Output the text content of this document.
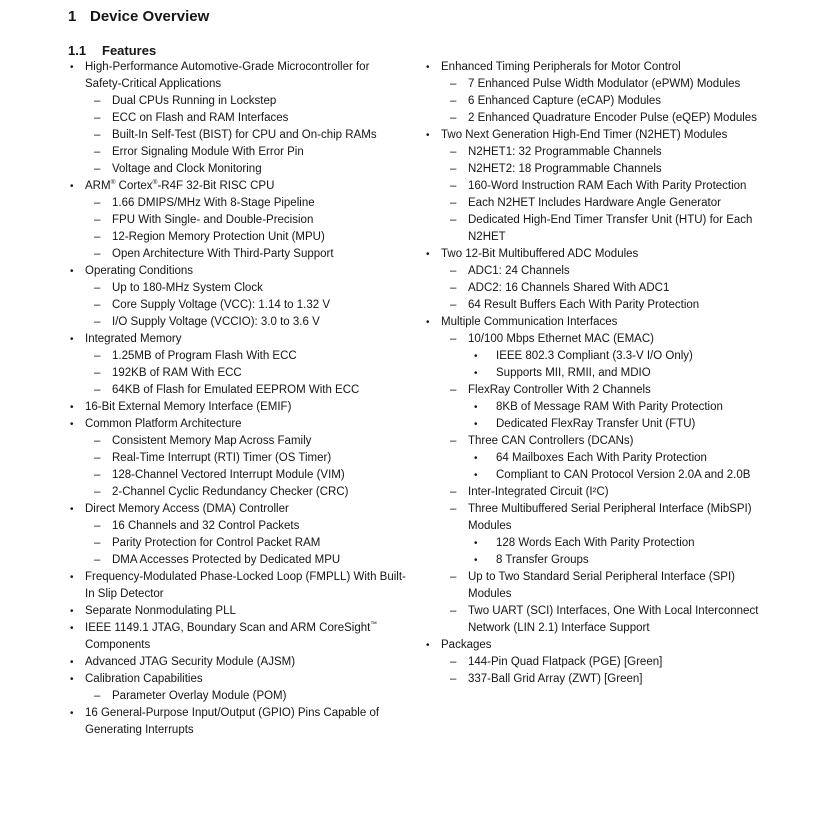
1 Device Overview
1.1 Features
• High-Performance Automotive-Grade Microcontroller for Safety-Critical Applications
– Dual CPUs Running in Lockstep
– ECC on Flash and RAM Interfaces
– Built-In Self-Test (BIST) for CPU and On-chip RAMs
– Error Signaling Module With Error Pin
– Voltage and Clock Monitoring
• ARM® Cortex®-R4F 32-Bit RISC CPU
– 1.66 DMIPS/MHz With 8-Stage Pipeline
– FPU With Single- and Double-Precision
– 12-Region Memory Protection Unit (MPU)
– Open Architecture With Third-Party Support
• Operating Conditions
– Up to 180-MHz System Clock
– Core Supply Voltage (VCC): 1.14 to 1.32 V
– I/O Supply Voltage (VCCIO): 3.0 to 3.6 V
• Integrated Memory
– 1.25MB of Program Flash With ECC
– 192KB of RAM With ECC
– 64KB of Flash for Emulated EEPROM With ECC
• 16-Bit External Memory Interface (EMIF)
• Common Platform Architecture
– Consistent Memory Map Across Family
– Real-Time Interrupt (RTI) Timer (OS Timer)
– 128-Channel Vectored Interrupt Module (VIM)
– 2-Channel Cyclic Redundancy Checker (CRC)
• Direct Memory Access (DMA) Controller
– 16 Channels and 32 Control Packets
– Parity Protection for Control Packet RAM
– DMA Accesses Protected by Dedicated MPU
• Frequency-Modulated Phase-Locked Loop (FMPLL) With Built-In Slip Detector
• Separate Nonmodulating PLL
• IEEE 1149.1 JTAG, Boundary Scan and ARM CoreSight™ Components
• Advanced JTAG Security Module (AJSM)
• Calibration Capabilities
– Parameter Overlay Module (POM)
• 16 General-Purpose Input/Output (GPIO) Pins Capable of Generating Interrupts
• Enhanced Timing Peripherals for Motor Control
– 7 Enhanced Pulse Width Modulator (ePWM) Modules
– 6 Enhanced Capture (eCAP) Modules
– 2 Enhanced Quadrature Encoder Pulse (eQEP) Modules
• Two Next Generation High-End Timer (N2HET) Modules
– N2HET1: 32 Programmable Channels
– N2HET2: 18 Programmable Channels
– 160-Word Instruction RAM Each With Parity Protection
– Each N2HET Includes Hardware Angle Generator
– Dedicated High-End Timer Transfer Unit (HTU) for Each N2HET
• Two 12-Bit Multibuffered ADC Modules
– ADC1: 24 Channels
– ADC2: 16 Channels Shared With ADC1
– 64 Result Buffers Each With Parity Protection
• Multiple Communication Interfaces
– 10/100 Mbps Ethernet MAC (EMAC)
• IEEE 802.3 Compliant (3.3-V I/O Only)
• Supports MII, RMII, and MDIO
– FlexRay Controller With 2 Channels
• 8KB of Message RAM With Parity Protection
• Dedicated FlexRay Transfer Unit (FTU)
– Three CAN Controllers (DCANs)
• 64 Mailboxes Each With Parity Protection
• Compliant to CAN Protocol Version 2.0A and 2.0B
– Inter-Integrated Circuit (I²C)
– Three Multibuffered Serial Peripheral Interface (MibSPI) Modules
• 128 Words Each With Parity Protection
• 8 Transfer Groups
– Up to Two Standard Serial Peripheral Interface (SPI) Modules
– Two UART (SCI) Interfaces, One With Local Interconnect Network (LIN 2.1) Interface Support
• Packages
– 144-Pin Quad Flatpack (PGE) [Green]
– 337-Ball Grid Array (ZWT) [Green]
